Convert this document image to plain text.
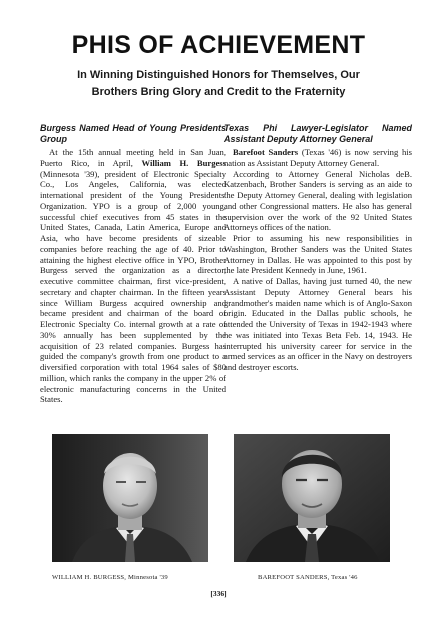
PHIS OF ACHIEVEMENT

In Winning Distinguished Honors for Themselves, Our Brothers Bring Glory and Credit to the Fraternity

Burgess Named Head of Young Presidents Group

At the 15th annual meeting held in San Juan, Puerto Rico, in April, William H. Burgess (Minnesota '39), president of Electronic Specialty Co., Los Angeles, California, was elected international president of the Young Presidents' Organization. YPO is a group of 2,000 young, successful chief executives from 45 states in the United States, Canada, Latin America, Europe and Asia, who have become presidents of sizeable companies before reaching the age of 40. Prior to attaining the highest elective office in YPO, Brother Burgess served the organization as a director, executive committee chairman, first vice-president, secretary and chapter chairman. In the fifteen years since William Burgess acquired ownership and became president and chairman of the board of Electronic Specialty Co. internal growth at a rate of 30% annually has been supplemented by the acquisition of 23 related companies. Burgess has guided the company's growth from one product to a diversified corporation with total 1964 sales of $80 million, which ranks the company in the upper 2% of electronic manufacturing concerns in the United States.

Texas Phi Lawyer-Legislator Named Assistant Deputy Attorney General

Barefoot Sanders (Texas '46) is now serving his nation as Assistant Deputy Attorney General.

According to Attorney General Nicholas deB. Katzenbach, Brother Sanders is serving as an aide to the Deputy Attorney General, dealing with legislation and other Congressional matters. He also has general supervision over the work of the 92 United States Attorneys offices of the nation.

Prior to assuming his new responsibilities in Washington, Brother Sanders was the United States Attorney in Dallas. He was appointed to this post by the late President Kennedy in June, 1961.

A native of Dallas, having just turned 40, the new Assistant Deputy Attorney General bears his grandmother's maiden name which is of Anglo-Saxon origin. Educated in the Dallas public schools, he attended the University of Texas in 1942-1943 where he was initiated into Texas Beta Feb. 14, 1943. He interrupted his university career for service in the armed services as an officer in the Navy on destroyers and destroyer escorts.

WILLIAM H. BURGESS, Minnesota '39	BAREFOOT SANDERS, Texas '46

[336]
